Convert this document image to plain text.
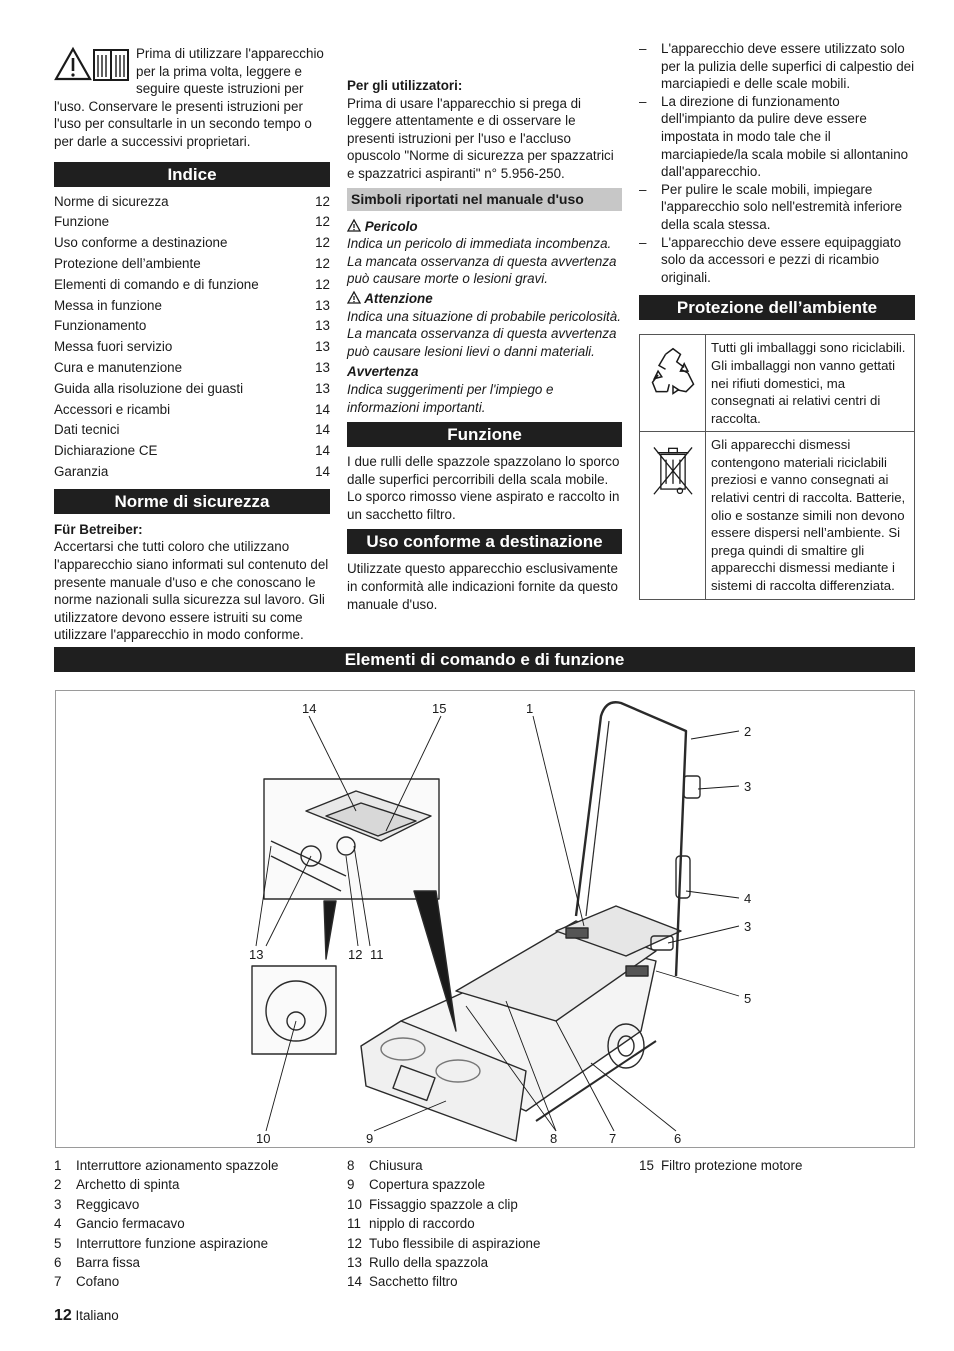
Prima di utilizzare l'apparecchio per la prima volta, leggere e seguire queste istruzioni per l'uso. Conservare le presenti istruzioni per l'uso per consultarle in un secondo tempo o per darle a successivi proprietari.

Indice
Norme di sicurezza	12
Funzione	12
Uso conforme a destinazione	12
Protezione dell’ambiente	12
Elementi di comando e di funzione	12
Messa in funzione	13
Funzionamento	13
Messa fuori servizio	13
Cura e manutenzione	13
Guida alla risoluzione dei guasti	13
Accessori e ricambi	14
Dati tecnici	14
Dichiarazione CE	14
Garanzia	14
Norme di sicurezza

Für Betreiber:

Accertarsi che tutti coloro che utilizzano l'apparecchio siano informati sul contenuto del presente manuale d'uso e che conoscano le norme nazionali sulla sicurezza sul lavoro. Gli utilizzatore devono essere istruiti su come utilizzare l'apparecchio in modo conforme.

Per gli utilizzatori:

Prima di usare l'apparecchio si prega di leggere attentamente e di osservare le presenti istruzioni per l'uso e l'accluso opuscolo "Norme di sicurezza per spazzatrici e spazzatrici aspiranti" n° 5.956-250.

Simboli riportati nel manuale d'uso

Pericolo

Indica un pericolo di immediata incombenza. La mancata osservanza di questa avvertenza può causare morte o lesioni gravi.

Attenzione

Indica una situazione di probabile pericolosità. La mancata osservanza di questa avvertenza può causare lesioni lievi o danni materiali.

Avvertenza

Indica suggerimenti per l'impiego e informazioni importanti.

Funzione

I due rulli delle spazzole spazzolano lo sporco dalle superfici percorribili della scala mobile. Lo sporco rimosso viene aspirato e raccolto in un sacchetto filtro.

Uso conforme a destinazione

Utilizzate questo apparecchio esclusivamente in conformità alle indicazioni fornite da questo manuale d'uso.

– L'apparecchio deve essere utilizzato solo per la pulizia delle superfici di calpestio dei marciapiedi e delle scale mobili.
– La direzione di funzionamento dell'impianto da pulire deve essere impostata in modo tale che il marciapiede/la scala mobile si allontanino dall'apparecchio.
– Per pulire le scale mobili, impiegare l'apparecchio solo nell'estremità inferiore della scala stessa.
– L'apparecchio deve essere equipaggiato solo da accessori e pezzi di ricambio originali.
Protezione dell’ambiente
	Tutti gli imballaggi sono riciclabili. Gli imballaggi non vanno gettati nei rifiuti domestici, ma consegnati ai relativi centri di raccolta.
	Gli apparecchi dismessi contengono materiali riciclabili preziosi e vanno consegnati ai relativi centri di raccolta. Batterie, olio e sostanze simili non devono essere dispersi nell’ambiente. Si prega quindi di smaltire gli apparecchi dismessi mediante i sistemi di raccolta differenziata.
Elementi di comando e di funzione
14	15	1
2
3
4
3
5
13	12 11
10	9	8	7	6
1	Interruttore azionamento spazzole
2	Archetto di spinta
3	Reggicavo
4	Gancio fermacavo
5	Interruttore funzione aspirazione
6	Barra fissa
7	Cofano
8	Chiusura
9	Copertura spazzole
10 Fissaggio spazzole a clip
11 nipplo di raccordo
12 Tubo flessibile di aspirazione
13 Rullo della spazzola
14 Sacchetto filtro
15 Filtro protezione motore
12 Italiano
